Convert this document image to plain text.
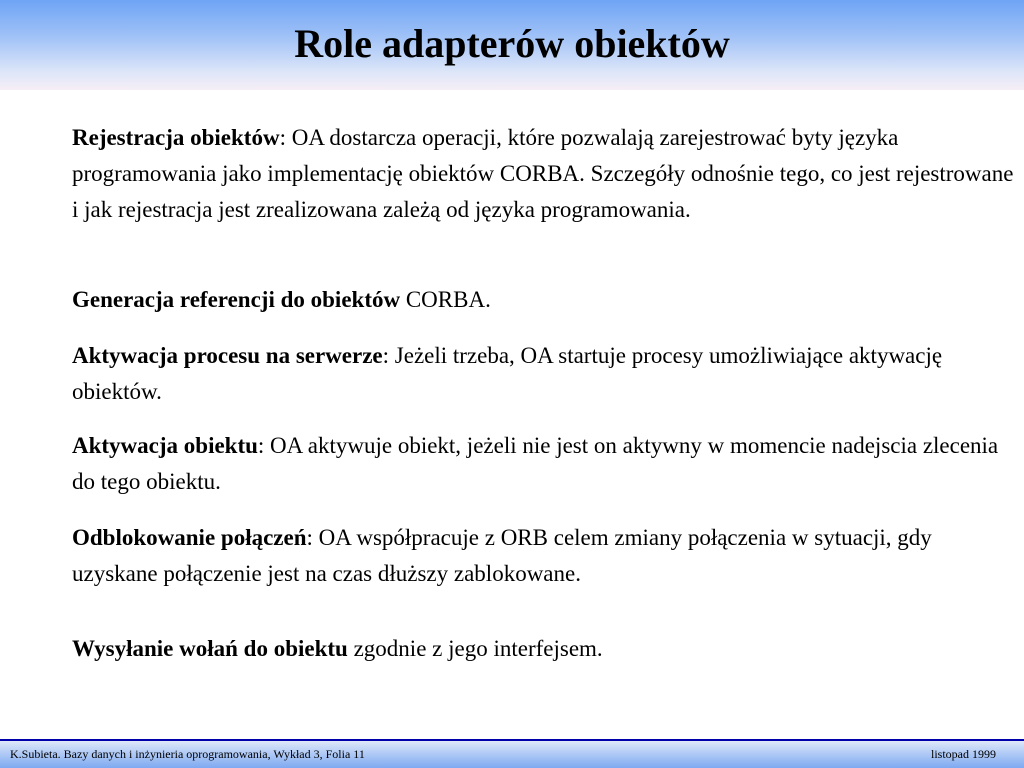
Role adapterów obiektów

Rejestracja obiektów: OA dostarcza operacji, które pozwalają zarejestrować byty języka programowania jako implementację obiektów CORBA. Szczegóły odnośnie tego, co jest rejestrowane i jak rejestracja jest zrealizowana zależą od języka programowania.

Generacja referencji do obiektów CORBA.

Aktywacja procesu na serwerze: Jeżeli trzeba, OA startuje procesy umożliwiające aktywację obiektów.

Aktywacja obiektu: OA aktywuje obiekt, jeżeli nie jest on aktywny w momencie nadejscia zlecenia do tego obiektu.

Odblokowanie połączeń: OA współpracuje z ORB celem zmiany połączenia w sytuacji, gdy uzyskane połączenie jest na czas dłuższy zablokowane.

Wysyłanie wołań do obiektu zgodnie z jego interfejsem.

K.Subieta. Bazy danych i inżynieria oprogramowania, Wykład 3, Folia 11	listopad 1999
